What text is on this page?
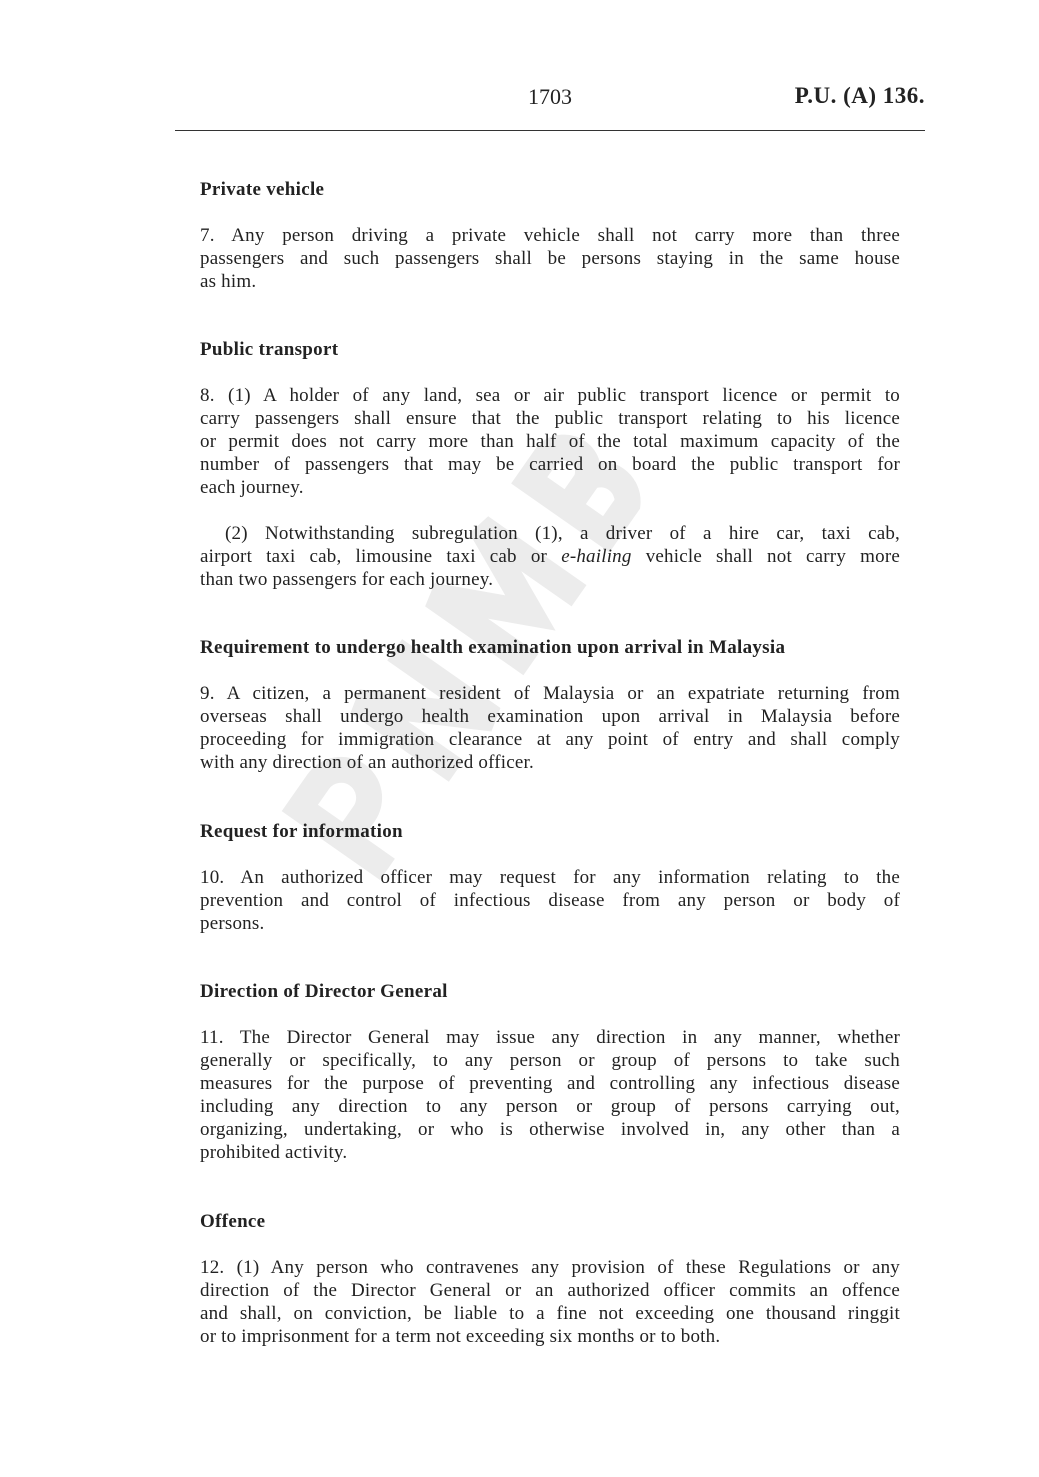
1703	P.U. (A) 136.
Private vehicle
7. Any person driving a private vehicle shall not carry more than three
passengers and such passengers shall be persons staying in the same house
as him.
Public transport
8. (1) A holder of any land, sea or air public transport licence or permit to
carry passengers shall ensure that the public transport relating to his licence
or permit does not carry more than half of the total maximum capacity of the
number of passengers that may be carried on board the public transport for
each journey.
(2) Notwithstanding subregulation (1), a driver of a hire car, taxi cab,
airport taxi cab, limousine taxi cab or e-hailing vehicle shall not carry more
than two passengers for each journey.
Requirement to undergo health examination upon arrival in Malaysia
9. A citizen, a permanent resident of Malaysia or an expatriate returning from
overseas shall undergo health examination upon arrival in Malaysia before
proceeding for immigration clearance at any point of entry and shall comply
with any direction of an authorized officer.
Request for information
10. An authorized officer may request for any information relating to the
prevention and control of infectious disease from any person or body of
persons.
Direction of Director General
11. The Director General may issue any direction in any manner, whether
generally or specifically, to any person or group of persons to take such
measures for the purpose of preventing and controlling any infectious disease
including any direction to any person or group of persons carrying out,
organizing, undertaking, or who is otherwise involved in, any other than a
prohibited activity.
Offence
12. (1) Any person who contravenes any provision of these Regulations or any
direction of the Director General or an authorized officer commits an offence
and shall, on conviction, be liable to a fine not exceeding one thousand ringgit
or to imprisonment for a term not exceeding six months or to both.
